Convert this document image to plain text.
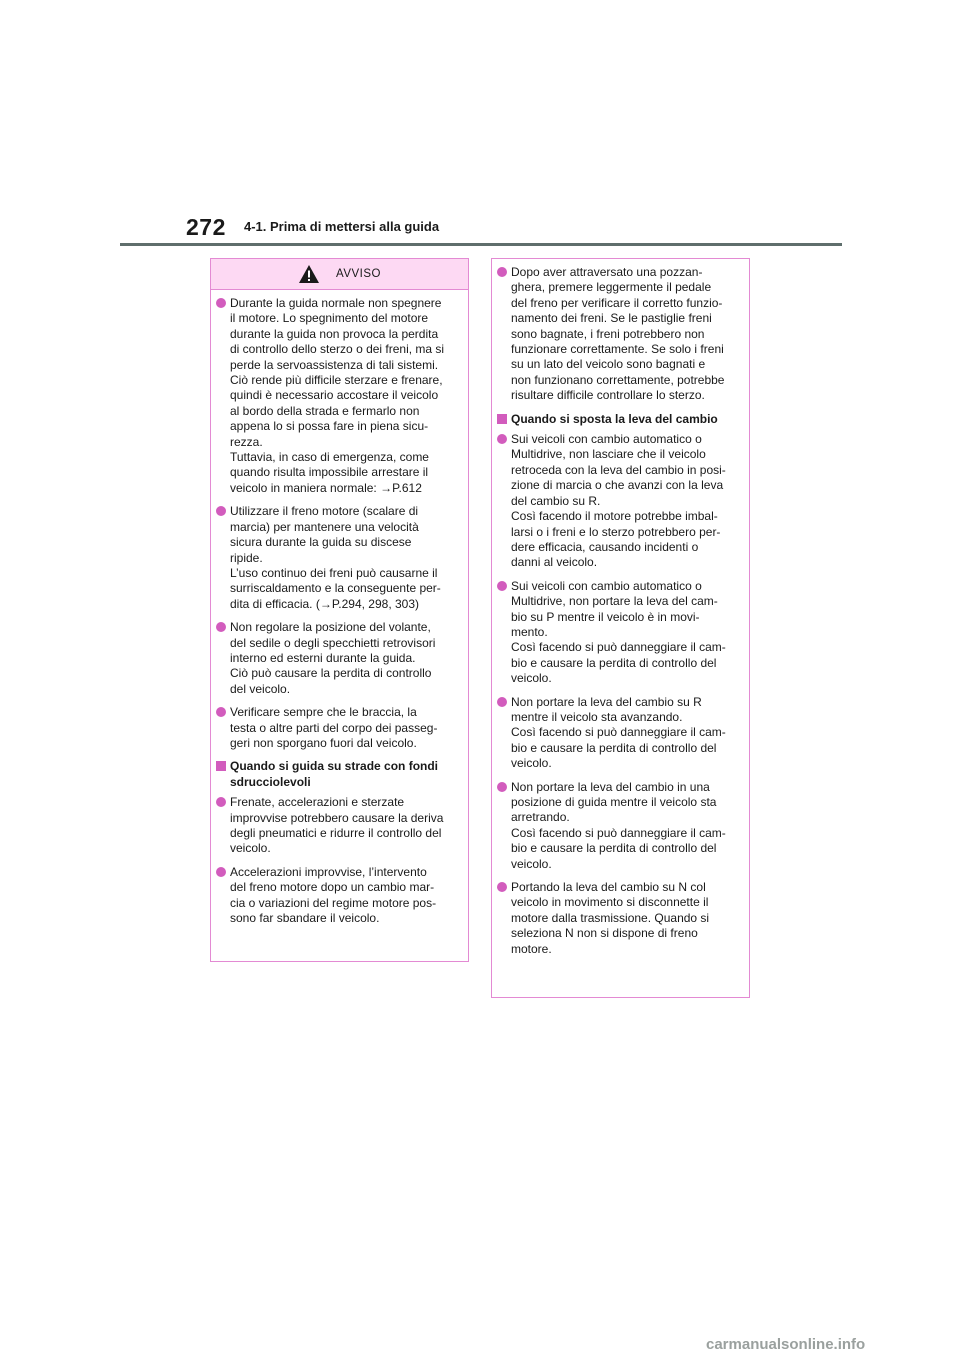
272 4-1. Prima di mettersi alla guida
AVVISO
Durante la guida normale non spegnere
il motore. Lo spegnimento del motore
durante la guida non provoca la perdita
di controllo dello sterzo o dei freni, ma si
perde la servoassistenza di tali sistemi.
Ciò rende più difficile sterzare e frenare,
quindi è necessario accostare il veicolo
al bordo della strada e fermarlo non
appena lo si possa fare in piena sicu-
rezza.
Tuttavia, in caso di emergenza, come
quando risulta impossibile arrestare il
veicolo in maniera normale: →P.612
Utilizzare il freno motore (scalare di
marcia) per mantenere una velocità
sicura durante la guida su discese
ripide.
L’uso continuo dei freni può causarne il
surriscaldamento e la conseguente per-
dita di efficacia. (→P.294, 298, 303)
Non regolare la posizione del volante,
del sedile o degli specchietti retrovisori
interno ed esterni durante la guida.
Ciò può causare la perdita di controllo
del veicolo.
Verificare sempre che le braccia, la
testa o altre parti del corpo dei passeg-
geri non sporgano fuori dal veicolo.
Quando si guida su strade con fondi
sdrucciolevoli
Frenate, accelerazioni e sterzate
improvvise potrebbero causare la deriva
degli pneumatici e ridurre il controllo del
veicolo.
Accelerazioni improvvise, l’intervento
del freno motore dopo un cambio mar-
cia o variazioni del regime motore pos-
sono far sbandare il veicolo.
Dopo aver attraversato una pozzan-
ghera, premere leggermente il pedale
del freno per verificare il corretto funzio-
namento dei freni. Se le pastiglie freni
sono bagnate, i freni potrebbero non
funzionare correttamente. Se solo i freni
su un lato del veicolo sono bagnati e
non funzionano correttamente, potrebbe
risultare difficile controllare lo sterzo.
Quando si sposta la leva del cambio
Sui veicoli con cambio automatico o
Multidrive, non lasciare che il veicolo
retroceda con la leva del cambio in posi-
zione di marcia o che avanzi con la leva
del cambio su R.
Così facendo il motore potrebbe imbal-
larsi o i freni e lo sterzo potrebbero per-
dere efficacia, causando incidenti o
danni al veicolo.
Sui veicoli con cambio automatico o
Multidrive, non portare la leva del cam-
bio su P mentre il veicolo è in movi-
mento.
Così facendo si può danneggiare il cam-
bio e causare la perdita di controllo del
veicolo.
Non portare la leva del cambio su R
mentre il veicolo sta avanzando.
Così facendo si può danneggiare il cam-
bio e causare la perdita di controllo del
veicolo.
Non portare la leva del cambio in una
posizione di guida mentre il veicolo sta
arretrando.
Così facendo si può danneggiare il cam-
bio e causare la perdita di controllo del
veicolo.
Portando la leva del cambio su N col
veicolo in movimento si disconnette il
motore dalla trasmissione. Quando si
seleziona N non si dispone di freno
motore.
carmanualsonline.info
